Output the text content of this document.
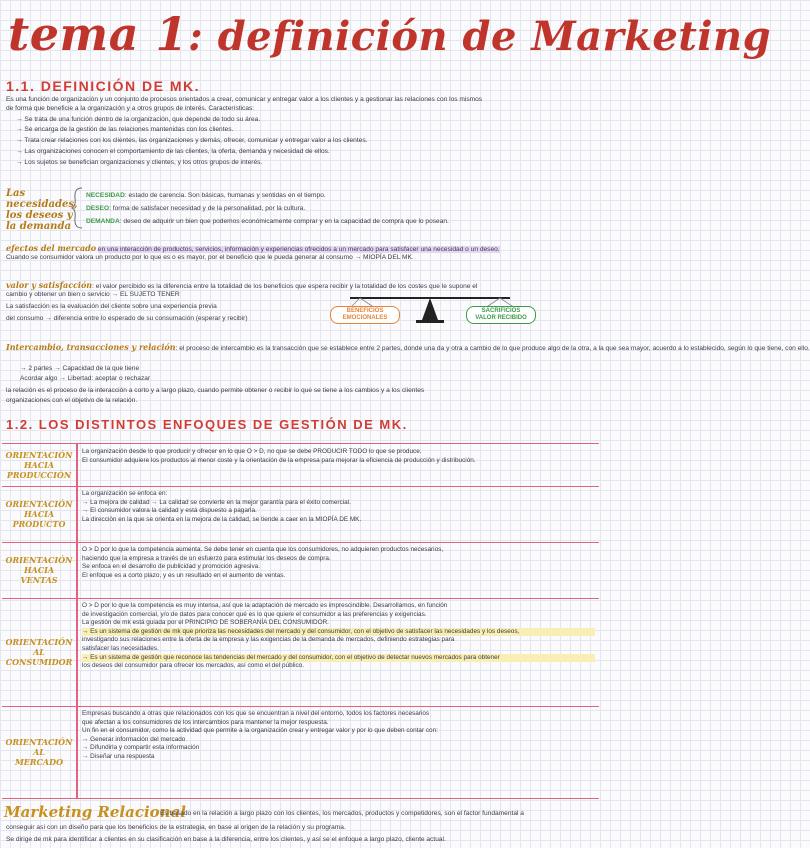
tema 1: definición de Marketing
1.1. DEFINICIÓN DE MK.
Es una función de organización y un conjunto de procesos orientados a crear, comunicar y entregar valor a los clientes y a gestionar las relaciones con los mismos
de forma que beneficie a la organización y a otros grupos de interés. Características:
→ Se trata de una función dentro de la organización, que depende de todo su área.
→ Se encarga de la gestión de las relaciones mantenidas con los clientes.
→ Trata crear relaciones con los clientes, las organizaciones y demás, ofrecer, comunicar y entregar valor a los clientes.
→ Las organizaciones conocen el comportamiento de las clientes, la oferta, demanda y necesidad de ellos.
→ Los sujetos se benefician organizaciones y clientes, y los otros grupos de interés.
Las necesidades, los deseos y la demanda
NECESIDAD: estado de carencia. Son básicas, humanas y sentidas en el tiempo.
DESEO: forma de satisfacer necesidad y de la personalidad, por la cultura.
DEMANDA: deseo de adquirir un bien que podemos económicamente comprar y en la capacidad de compra que lo posean.
efectos del mercado en una interacción de productos, servicios, información y experiencias ofrecidos a un mercado para satisfacer una necesidad o un deseo.
Cuando se consumidor valora un producto por lo que es o es mayor, por el beneficio que le pueda generar al consumo → MIOPÍA DEL MK.
valor y satisfacción: el valor percibido es la diferencia entre la totalidad de los beneficios que espera recibir y la totalidad de los costes que le supone el
cambio y obtener un bien o servicio → EL SUJETO TENER
La satisfacción es la evaluación del cliente sobre una experiencia previa
del consumo → diferencia entre lo esperado de su consumación (esperar y recibir)
BENEFICIOS EMOCIONALES
SACRIFICIOS VALOR RECIBIDO
Intercambio, transacciones y relación: el proceso de intercambio es la transacción que se establece entre 2 partes, donde una da y otra a cambio de lo que produce algo de la otra, a la que sea mayor, acuerdo a lo establecido, según lo que tiene, con ello.
→ 2 partes → Capacidad de la que tiene
Acordar algo → Libertad: aceptar o rechazar
la relación es el proceso de la interacción a corto y a largo plazo, cuando permite obtener o recibir lo que se tiene a los cambios y a los clientes
organizaciones con el objetivo de la relación.
1.2. LOS DISTINTOS ENFOQUES DE GESTIÓN DE MK.
ORIENTACIÓN
HACIA
PRODUCCIÓN
La organización desde lo que producir y ofrecer en lo que O > D, no que se debe PRODUCIR TODO lo que se produce.
El consumidor adquiere los productos al menor coste y la orientación de la empresa para mejorar la eficiencia de producción y distribución.
ORIENTACIÓN
HACIA
PRODUCTO
La organización se enfoca en:
→ La mejora de calidad → La calidad se convierte en la mejor garantía para el éxito comercial.
→ El consumidor valora la calidad y está dispuesto a pagarla.
La dirección en la que se orienta en la mejora de la calidad, se tiende a caer en la MIOPÍA DE MK.
ORIENTACIÓN
HACIA
VENTAS
O > D por lo que la competencia aumenta. Se debe tener en cuenta que los consumidores, no adquieren productos necesarios,
haciendo que la empresa a través de un esfuerzo para estimular los deseos de compra.
Se enfoca en el desarrollo de publicidad y promoción agresiva.
El enfoque es a corto plazo, y es un resultado en el aumento de ventas.
ORIENTACIÓN
AL
CONSUMIDOR
O > D por lo que la competencia es muy intensa, así que la adaptación de mercado es imprescindible. Desarrollamos, en función
de investigación comercial, y/o de datos para conocer qué es lo que quiere el consumidor a las preferencias y exigencias.
La gestión de mk está guiada por el PRINCIPIO DE SOBERANÍA DEL CONSUMIDOR.
→ Es un sistema de gestión de mk que prioriza las necesidades del mercado y del consumidor, con el objetivo de satisfacer las necesidades y los deseos,
investigando sus relaciones entre la oferta de la empresa y las exigencias de la demanda de mercados, definiendo estrategias para
satisfacer las necesidades.
→ Es un sistema de gestión que reconoce las tendencias del mercado y del consumidor, con el objetivo de detectar nuevos mercados para obtener
los deseos del consumidor para ofrecer los mercados, así como el del público.
ORIENTACIÓN
AL
MERCADO
Empresas buscando a otras que relacionados con los que se encuentran a nivel del entorno, todos los factores necesarios
que afectan a los consumidores de los intercambios para mantener la mejor respuesta.
Un fin en el consumidor, como la actividad que permite a la organización crear y entregar valor y por lo que deben contar con:
→ Generar información del mercado
→ Difundirla y compartir esta información
→ Diseñar una respuesta
Marketing Relacional
Es basado en la relación a largo plazo con los clientes, los mercados, productos y competidores, son el factor fundamental a
conseguir así con un diseño para que los beneficios de la estrategia, en base al origen de la relación y su programa.
Se dirige de mk para identificar a clientes en su clasificación en base a la diferencia, entre los clientes, y así se el enfoque a largo plazo, cliente actual.
